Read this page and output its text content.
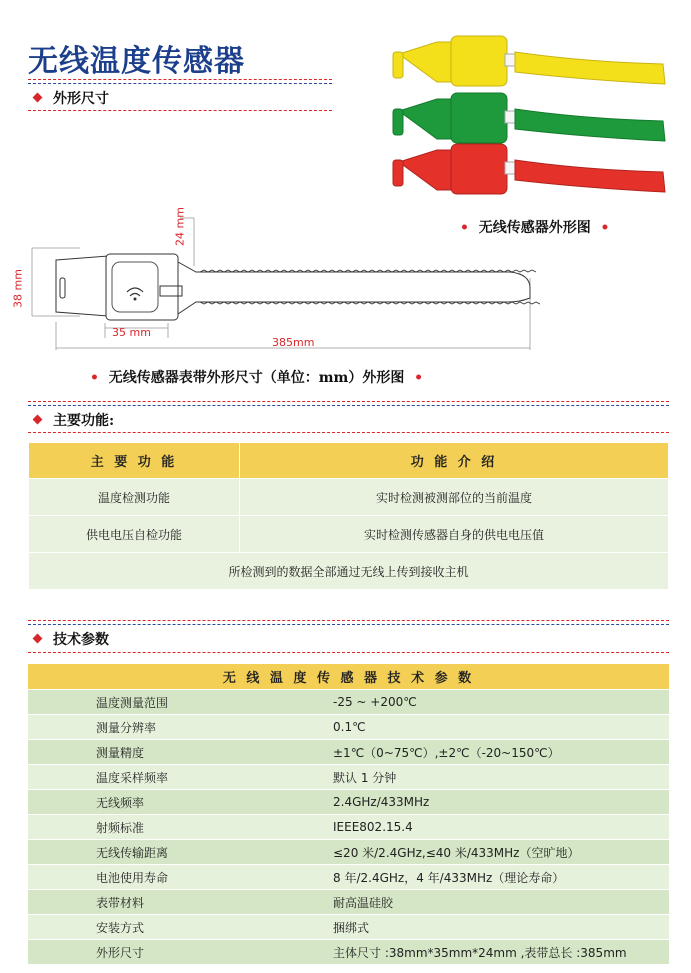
无线温度传感器
外形尺寸
• 无线传感器外形图 •
38 mm
24 mm
35 mm
385mm
• 无线传感器表带外形尺寸（单位：mm）外形图 •
主要功能:
主 要 功 能	功 能 介 绍
温度检测功能	实时检测被测部位的当前温度
供电电压自检功能	实时检测传感器自身的供电电压值
所检测到的数据全部通过无线上传到接收主机	
技术参数
无 线 温 度 传 感 器 技 术 参 数	
温度测量范围	-25 ~ +200℃
测量分辨率	0.1℃
测量精度	±1℃（0~75℃）,±2℃（-20~150℃）
温度采样频率	默认 1 分钟
无线频率	2.4GHz/433MHz
射频标准	IEEE802.15.4
无线传输距离	≤20 米/2.4GHz,≤40 米/433MHz（空旷地）
电池使用寿命	8 年/2.4GHz，4 年/433MHz（理论寿命）
表带材料	耐高温硅胶
安装方式	捆绑式
外形尺寸	主体尺寸 :38mm*35mm*24mm ,表带总长 :385mm
